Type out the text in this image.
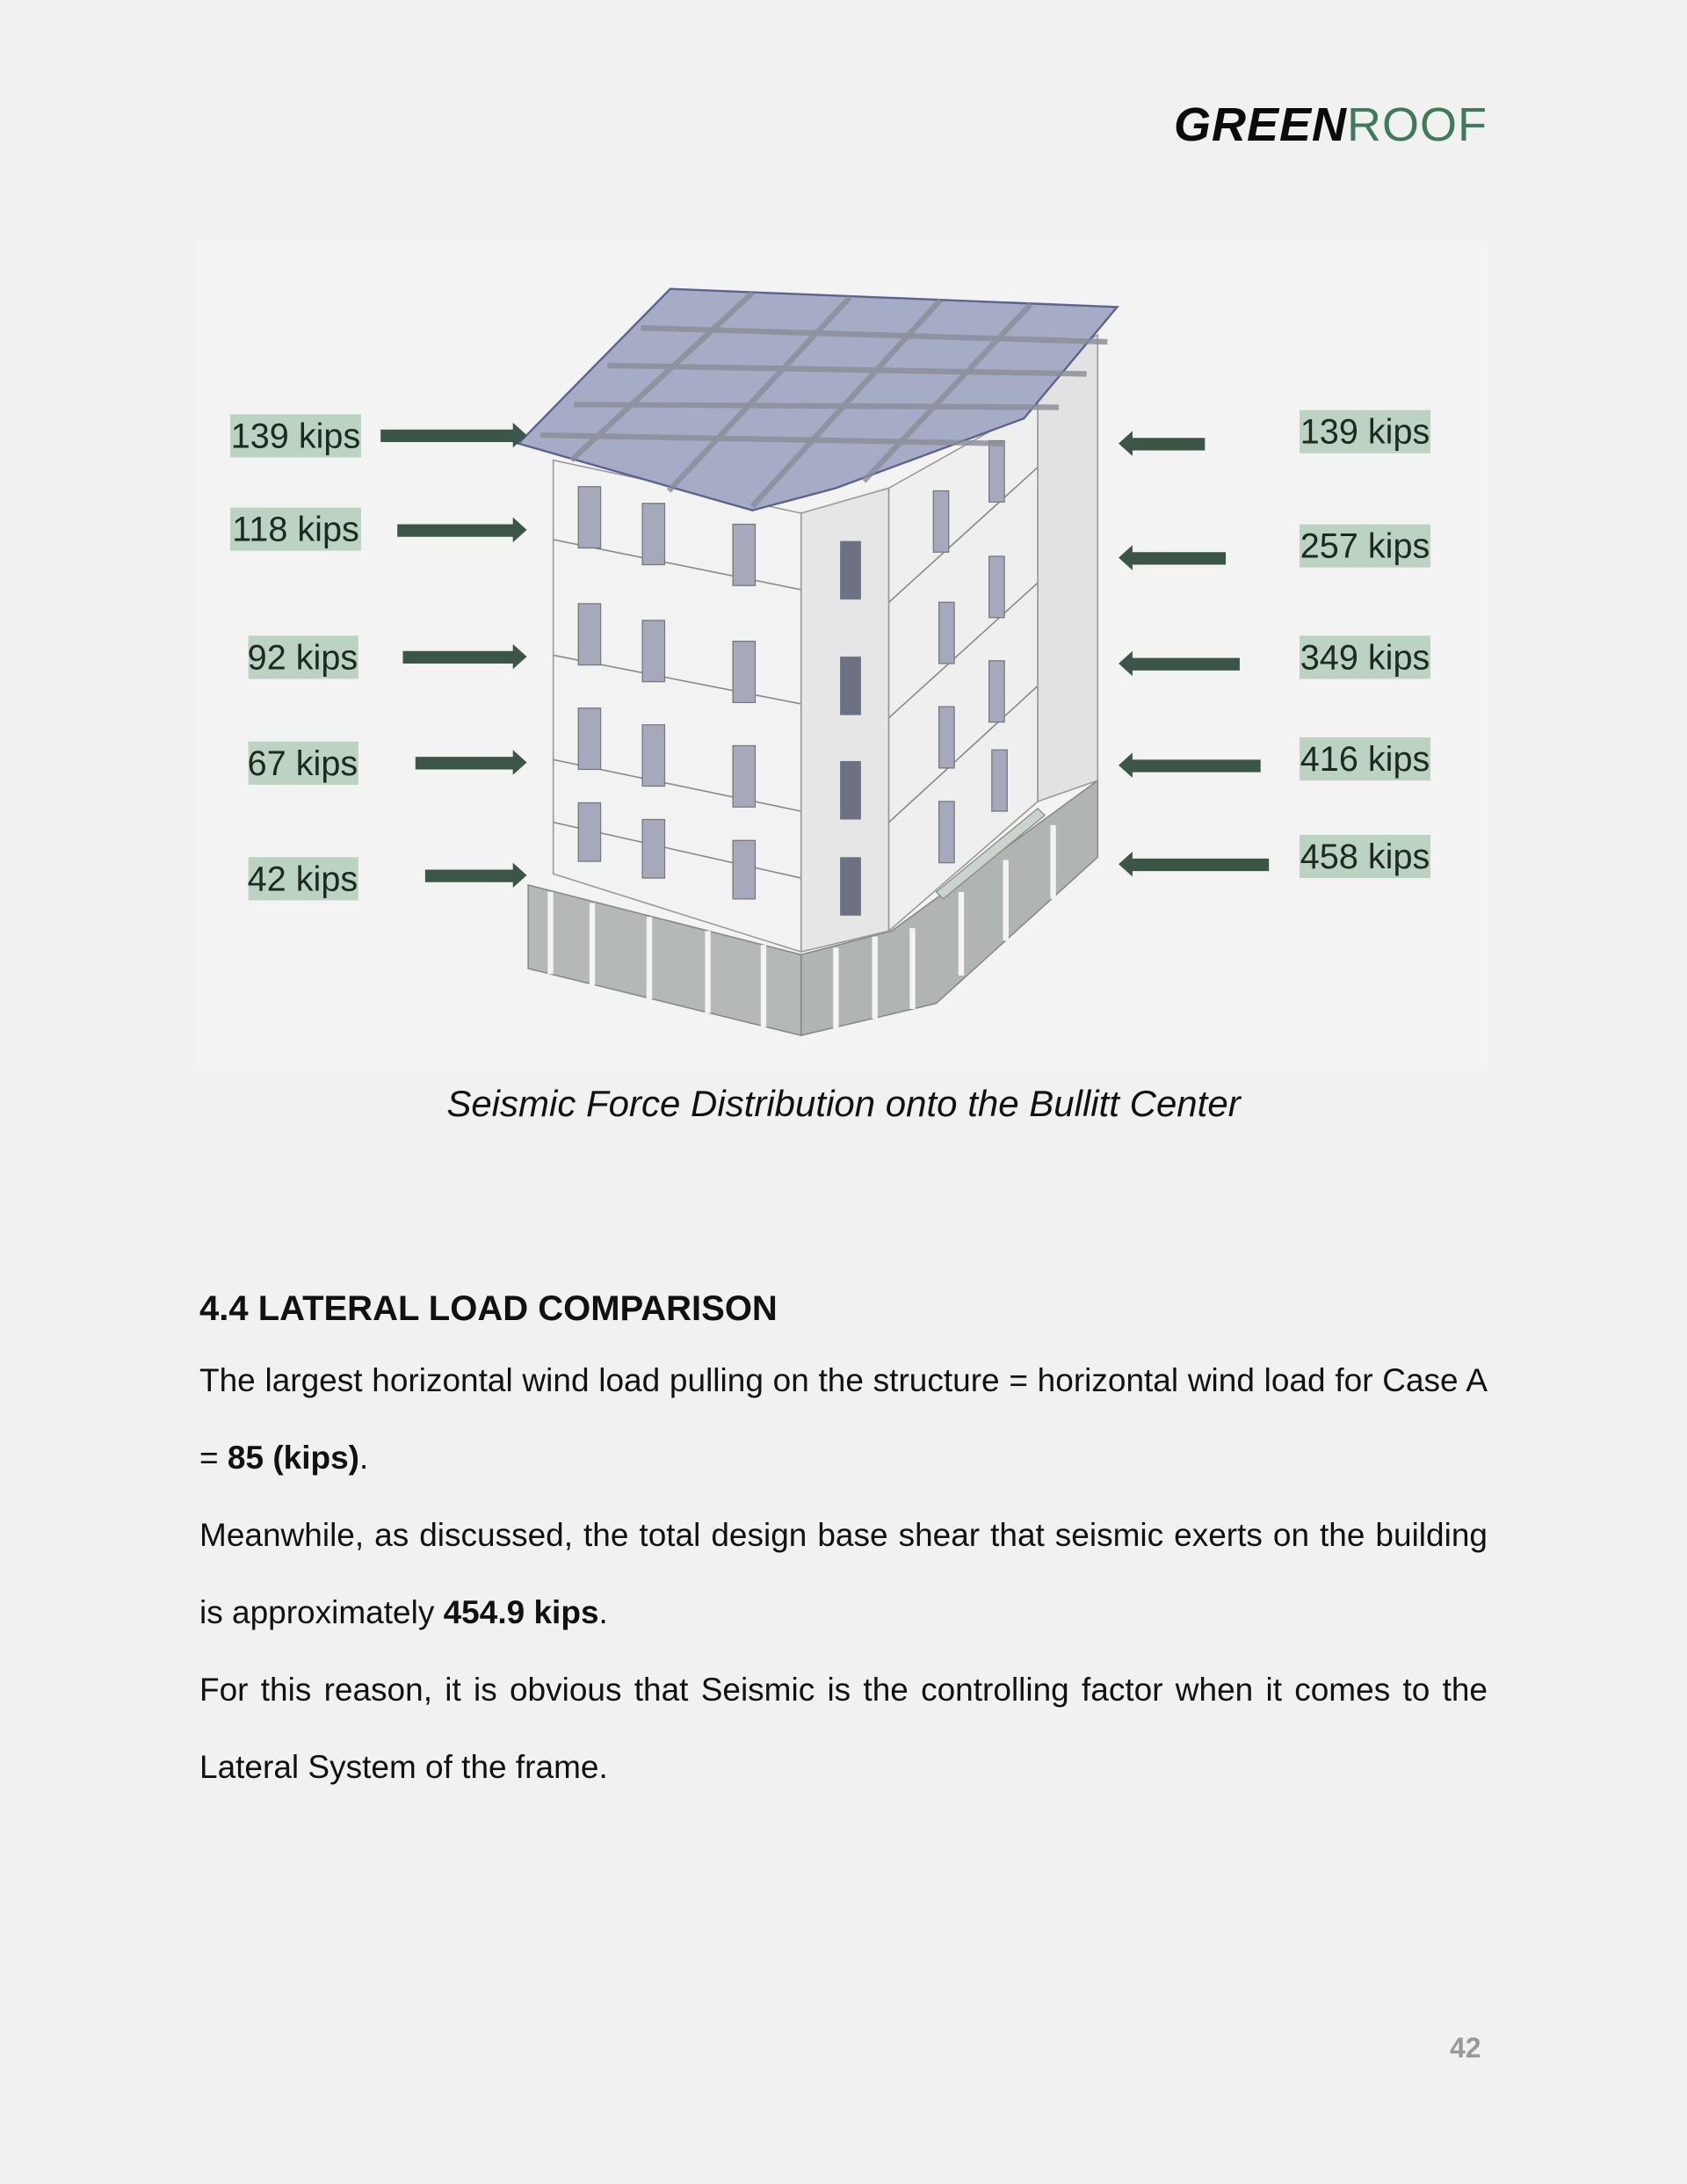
GREENROOF
139 kips
118 kips
92 kips
67 kips
42 kips
139 kips
257 kips
349 kips
416 kips
458 kips
Seismic Force Distribution onto the Bullitt Center
4.4 LATERAL LOAD COMPARISON

The largest horizontal wind load pulling on the structure = horizontal wind load for Case A = 85 (kips).

Meanwhile, as discussed, the total design base shear that seismic exerts on the building is approximately 454.9 kips.

For this reason, it is obvious that Seismic is the controlling factor when it comes to the Lateral System of the frame.

42
